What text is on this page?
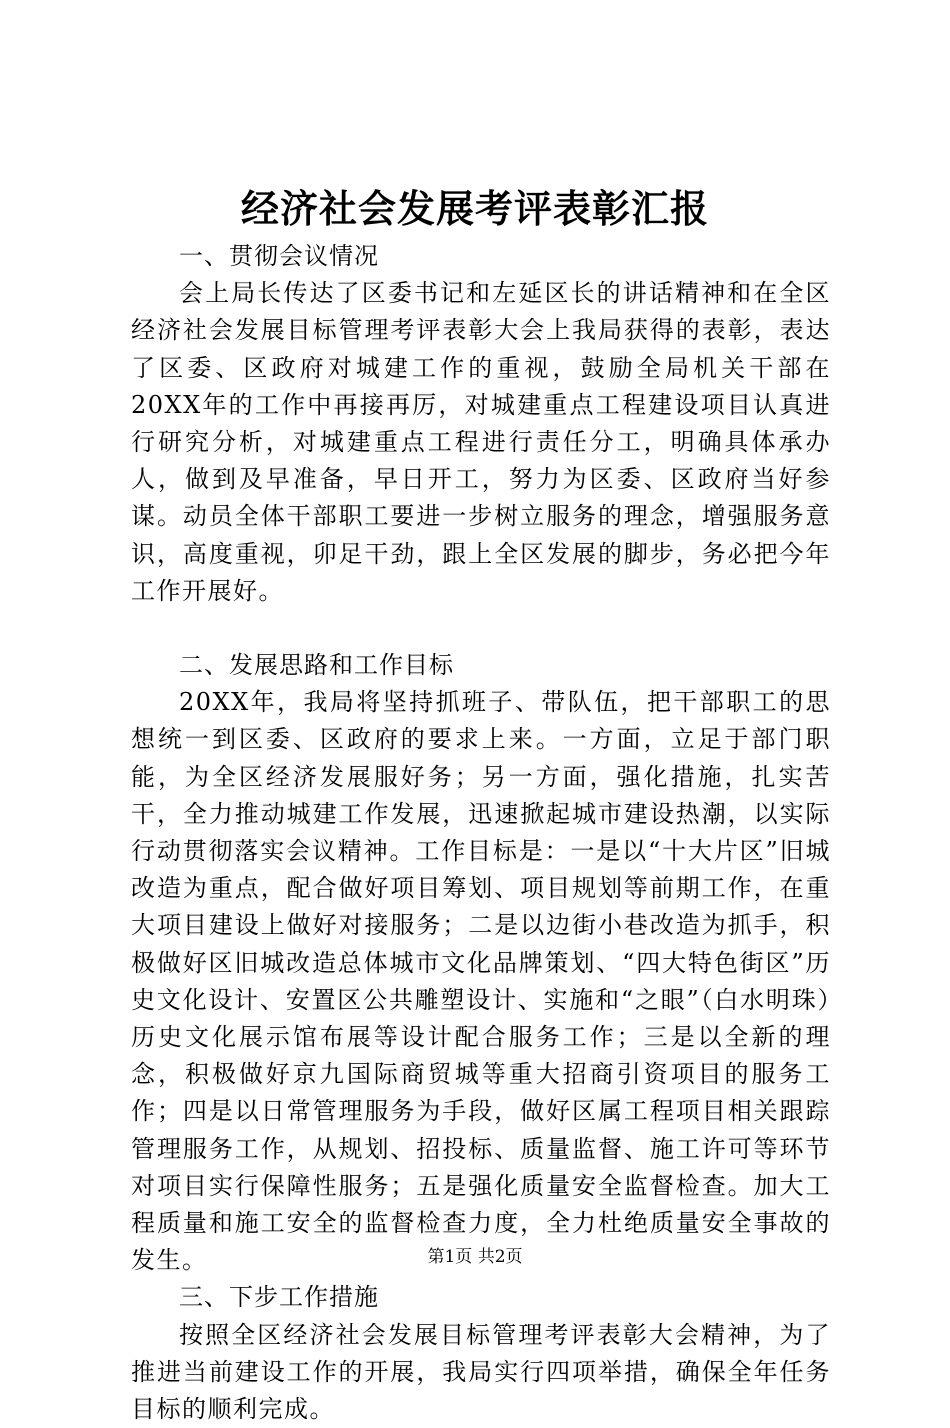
经济社会发展考评表彰汇报

一、贯彻会议情况

会上局长传达了区委书记和左延区长的讲话精神和在全区经济社会发展目标管理考评表彰大会上我局获得的表彰，表达了区委、区政府对城建工作的重视，鼓励全局机关干部在20XX年的工作中再接再厉，对城建重点工程建设项目认真进行研究分析，对城建重点工程进行责任分工，明确具体承办人，做到及早准备，早日开工，努力为区委、区政府当好参谋。动员全体干部职工要进一步树立服务的理念，增强服务意识，高度重视，卯足干劲，跟上全区发展的脚步，务必把今年工作开展好。

二、发展思路和工作目标

20XX年，我局将坚持抓班子、带队伍，把干部职工的思想统一到区委、区政府的要求上来。一方面，立足于部门职能，为全区经济发展服好务；另一方面，强化措施，扎实苦干，全力推动城建工作发展，迅速掀起城市建设热潮，以实际行动贯彻落实会议精神。工作目标是：一是以“十大片区”旧城改造为重点，配合做好项目筹划、项目规划等前期工作，在重大项目建设上做好对接服务；二是以边街小巷改造为抓手，积极做好区旧城改造总体城市文化品牌策划、“四大特色街区”历史文化设计、安置区公共雕塑设计、实施和“之眼”（白水明珠）历史文化展示馆布展等设计配合服务工作；三是以全新的理念，积极做好京九国际商贸城等重大招商引资项目的服务工作；四是以日常管理服务为手段，做好区属工程项目相关跟踪管理服务工作，从规划、招投标、质量监督、施工许可等环节对项目实行保障性服务；五是强化质量安全监督检查。加大工程质量和施工安全的监督检查力度，全力杜绝质量安全事故的发生。

三、下步工作措施

按照全区经济社会发展目标管理考评表彰大会精神，为了推进当前建设工作的开展，我局实行四项举措，确保全年任务目标的顺利完成。

第1页 共2页
